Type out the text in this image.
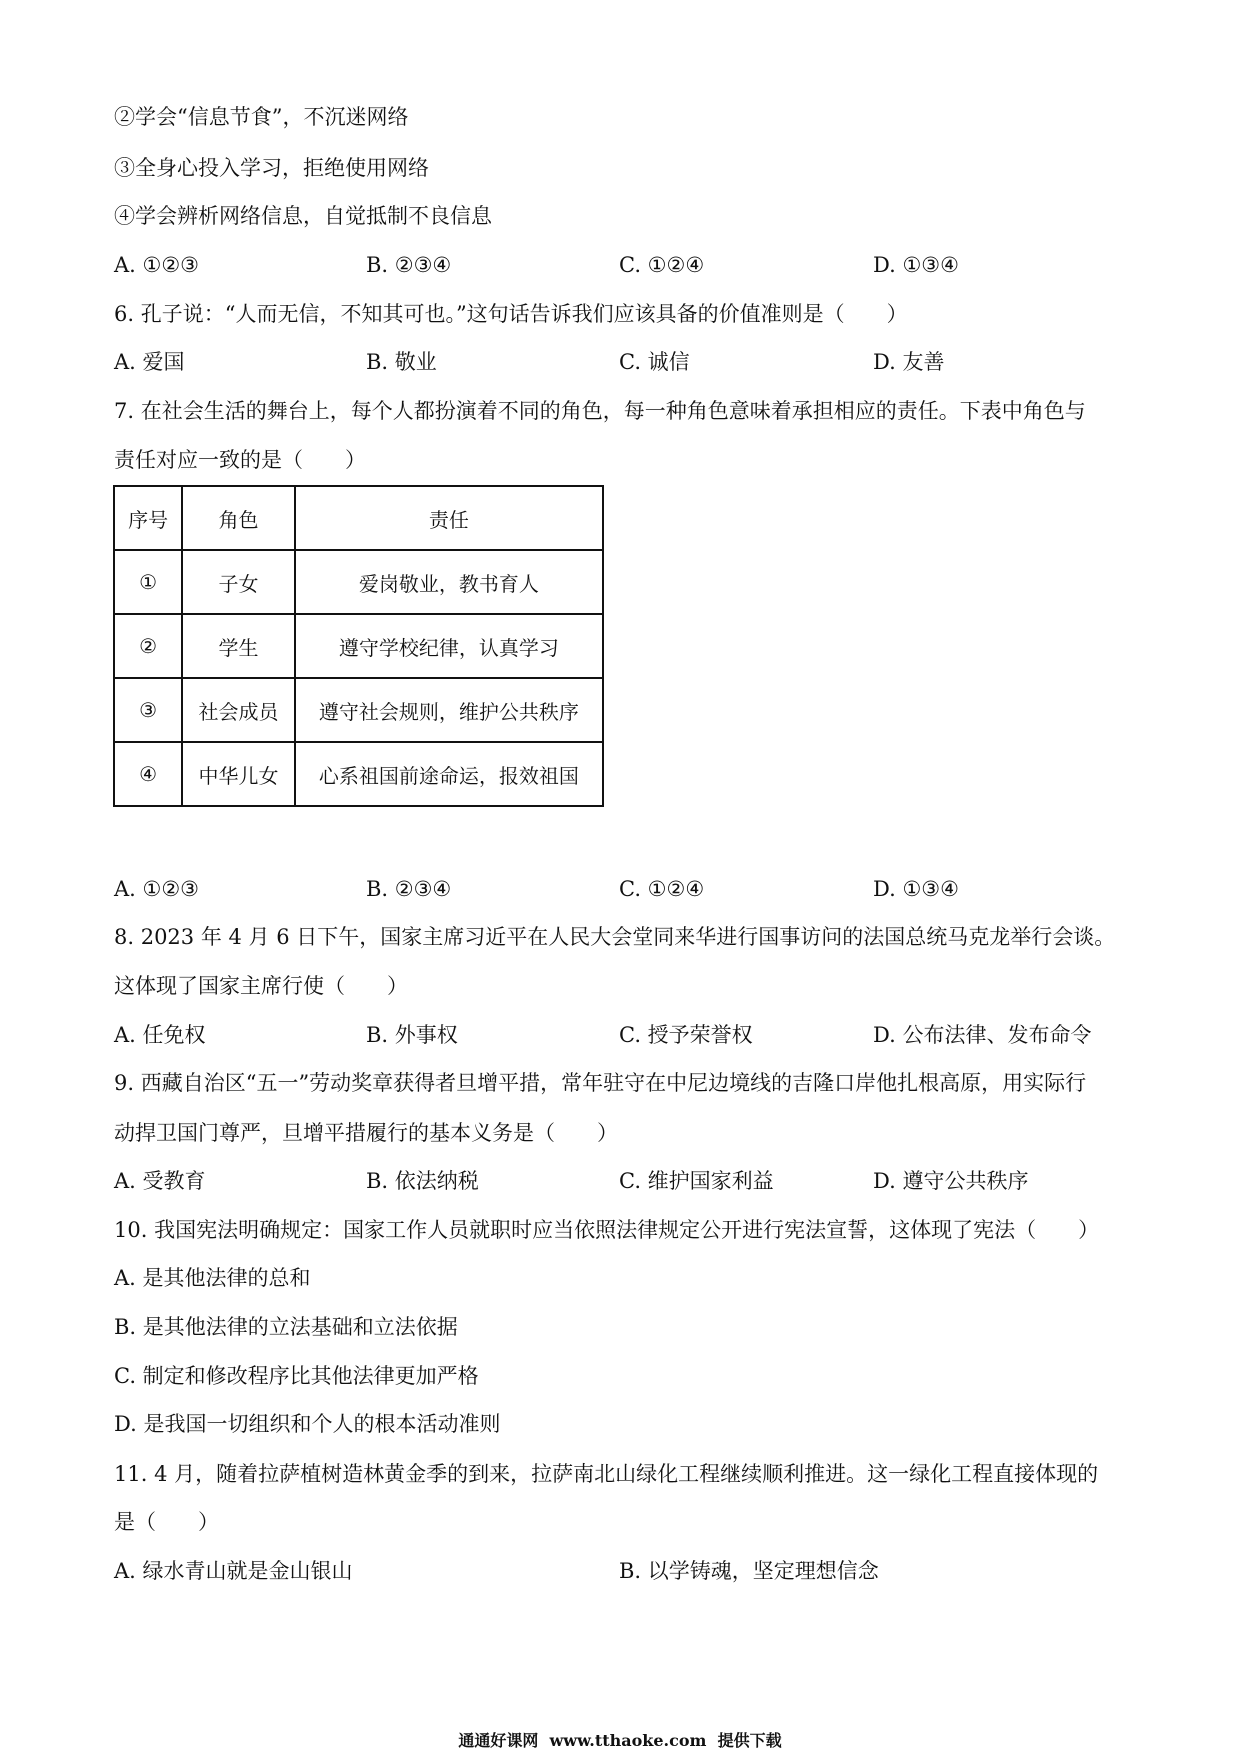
②学会“信息节食”，不沉迷网络
③全身心投入学习，拒绝使用网络
④学会辨析网络信息，自觉抵制不良信息
A. ①②③	B. ②③④	C. ①②④	D. ①③④
6. 孔子说：“人而无信，不知其可也。”这句话告诉我们应该具备的价值准则是（　　）
A. 爱国	B. 敬业	C. 诚信	D. 友善
7. 在社会生活的舞台上，每个人都扮演着不同的角色，每一种角色意味着承担相应的责任。下表中角色与
责任对应一致的是（　　）
序号	角色	责任
①	子女	爱岗敬业，教书育人
②	学生	遵守学校纪律，认真学习
③	社会成员	遵守社会规则，维护公共秩序
④	中华儿女	心系祖国前途命运，报效祖国
A. ①②③	B. ②③④	C. ①②④	D. ①③④
8. 2023 年 4 月 6 日下午，国家主席习近平在人民大会堂同来华进行国事访问的法国总统马克龙举行会谈。
这体现了国家主席行使（　　）
A. 任免权	B. 外事权	C. 授予荣誉权	D. 公布法律、发布命令
9. 西藏自治区“五一”劳动奖章获得者旦增平措，常年驻守在中尼边境线的吉隆口岸他扎根高原，用实际行
动捍卫国门尊严，旦增平措履行的基本义务是（　　）
A. 受教育	B. 依法纳税	C. 维护国家利益	D. 遵守公共秩序
10. 我国宪法明确规定：国家工作人员就职时应当依照法律规定公开进行宪法宣誓，这体现了宪法（　　）
A. 是其他法律的总和
B. 是其他法律的立法基础和立法依据
C. 制定和修改程序比其他法律更加严格
D. 是我国一切组织和个人的根本活动准则
11. 4 月，随着拉萨植树造林黄金季的到来，拉萨南北山绿化工程继续顺利推进。这一绿化工程直接体现的
是（　　）
A. 绿水青山就是金山银山	B. 以学铸魂，坚定理想信念
通通好课网  www.tthaoke.com  提供下载
